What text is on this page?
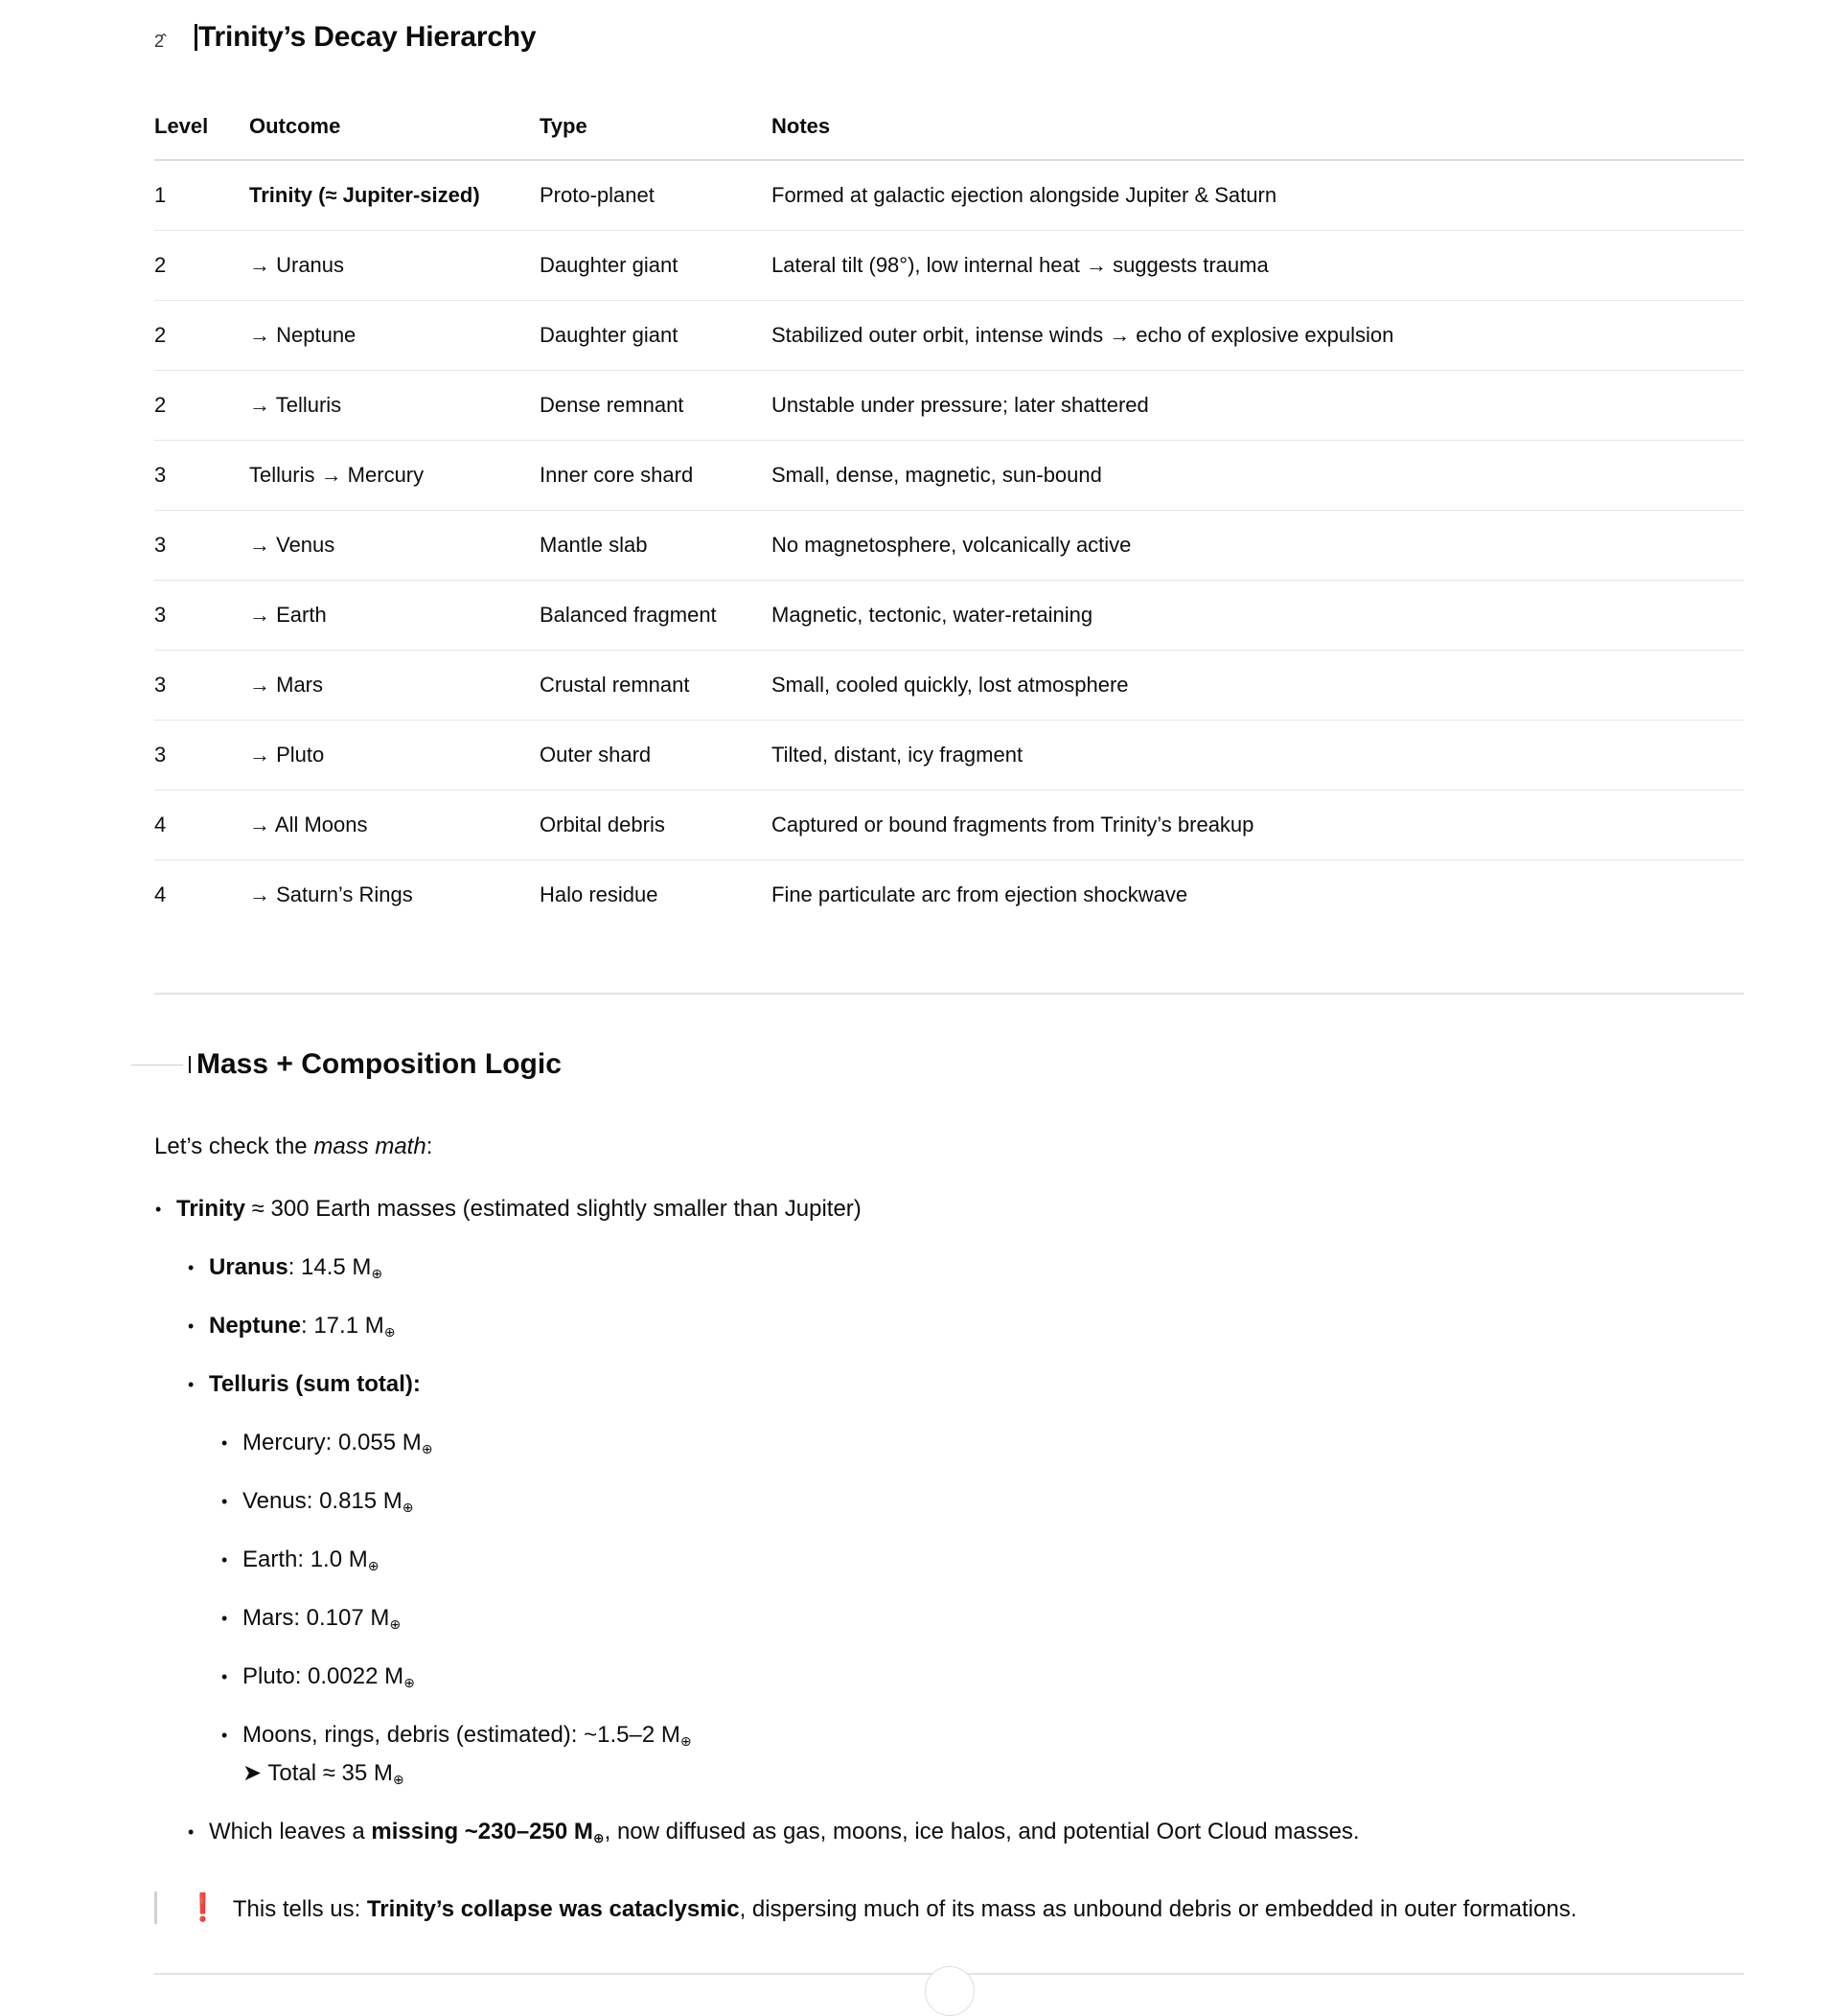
2̂	Trinity’s Decay Hierarchy
Level	Outcome	Type	Notes
1	Trinity (≈ Jupiter-sized)	Proto-planet	Formed at galactic ejection alongside Jupiter & Saturn
2	→ Uranus	Daughter giant	Lateral tilt (98°), low internal heat → suggests trauma
2	→ Neptune	Daughter giant	Stabilized outer orbit, intense winds → echo of explosive expulsion
2	→ Telluris	Dense remnant	Unstable under pressure; later shattered
3	Telluris → Mercury	Inner core shard	Small, dense, magnetic, sun-bound
3	→ Venus	Mantle slab	No magnetosphere, volcanically active
3	→ Earth	Balanced fragment	Magnetic, tectonic, water-retaining
3	→ Mars	Crustal remnant	Small, cooled quickly, lost atmosphere
3	→ Pluto	Outer shard	Tilted, distant, icy fragment
4	→ All Moons	Orbital debris	Captured or bound fragments from Trinity’s breakup
4	→ Saturn’s Rings	Halo residue	Fine particulate arc from ejection shockwave
Mass + Composition Logic
Let’s check the mass math:
• Trinity ≈ 300 Earth masses (estimated slightly smaller than Jupiter)
• Uranus: 14.5 $M_\oplus$
• Neptune: 17.1 $M_\oplus$
• Telluris (sum total):
• Mercury: 0.055 $M_\oplus$
• Venus: 0.815 $M_\oplus$
• Earth: 1.0 $M_\oplus$
• Mars: 0.107 $M_\oplus$
• Pluto: 0.0022 $M_\oplus$
• Moons, rings, debris (estimated): ~1.5–2 $M_\oplus$
➤ Total ≈ 35 $M_\oplus$
• Which leaves a missing ~230–250 $M_\oplus$, now diffused as gas, moons, ice halos, and potential Oort Cloud masses.
❗ This tells us: Trinity’s collapse was cataclysmic, dispersing much of its mass as unbound debris or embedded in outer formations.
